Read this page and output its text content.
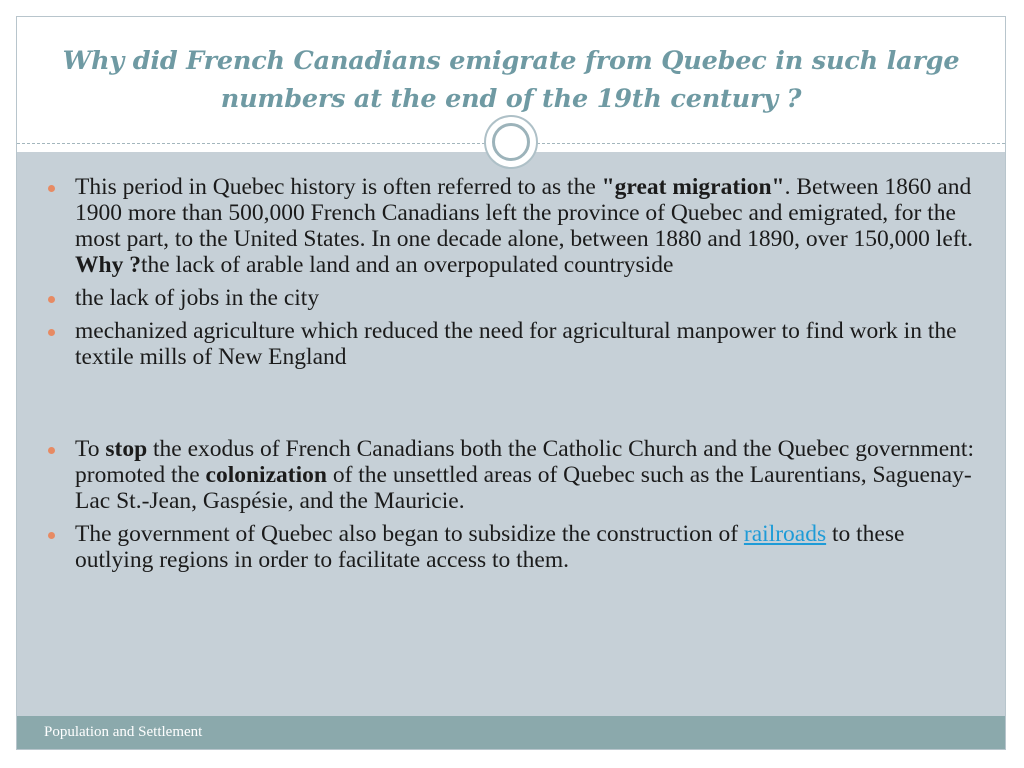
Why did French Canadians emigrate from Quebec in such large numbers at the end of the 19th century ?
This period in Quebec history is often referred to as the "great migration". Between 1860 and 1900 more than 500,000 French Canadians left the province of Quebec and emigrated, for the most part, to the United States. In one decade alone, between 1880 and 1890, over 150,000 left. Why ?the lack of arable land and an overpopulated countryside
the lack of jobs in the city
mechanized agriculture which reduced the need for agricultural manpower to find work in the textile mills of New England
To stop the exodus of French Canadians both the Catholic Church and the Quebec government: promoted the colonization of the unsettled areas of Quebec such as the Laurentians, Saguenay-Lac St.-Jean, Gaspésie, and the Mauricie.
The government of Quebec also began to subsidize the construction of railroads to these outlying regions in order to facilitate access to them.
Population and Settlement
